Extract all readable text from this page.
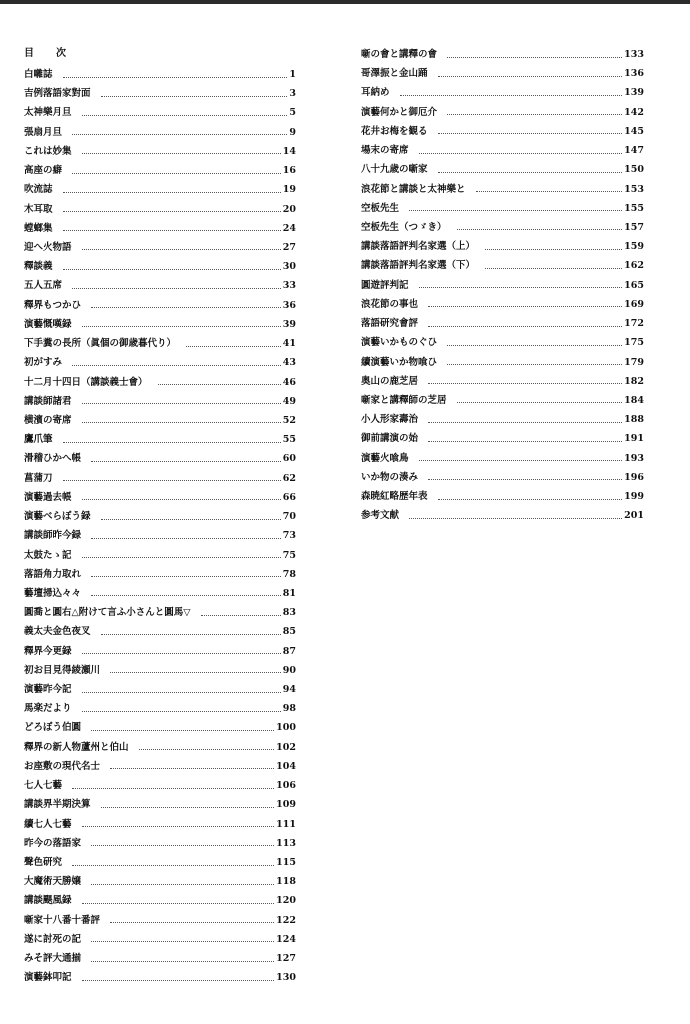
目　次
白囃誌	1
吉例落語家對面	3
太神樂月旦	5
張扇月旦	9
これは妙集	14
高座の癖	16
吹流誌	19
木耳取	20
螳螂集	24
迎へ火物語	27
釋談義	30
五人五席	33
釋界もつかひ	36
演藝慨嘆録	39
下手糞の長所（眞個の御歳暮代り）	41
初がすみ	43
十二月十四日（講談義士會）	46
講談師諸君	49
横濱の寄席	52
鷹爪筆	55
滑稽ひかへ帳	60
菖蒲刀	62
演藝過去帳	66
演藝べらぼう録	70
講談師昨今録	73
太鼓たゝ記	75
落語角力取れ	78
藝壇掃込々々	81
圓喬と圓右△附けて言ふ小さんと圓馬▽	83
義太夫金色夜叉	85
釋界今更録	87
初お目見得綾瀬川	90
演藝昨今記	94
馬楽だより	98
どろぼう伯圓	100
釋界の新人物蘆州と伯山	102
お座敷の現代名士	104
七人七藝	106
講談界半期決算	109
續七人七藝	111
昨今の落語家	113
聲色研究	115
大魔術天勝嬢	118
講談颶風録	120
噺家十八番十番評	122
遂に討死の記	124
みそ評大通揃	127
演藝鉢叩記	130
噺の會と講釋の會	133
哥澤振と金山踊	136
耳納め	139
演藝何かと御厄介	142
花井お梅を観る	145
場末の寄席	147
八十九歳の噺家	150
浪花節と講談と太神樂と	153
空板先生	155
空板先生（つゞき）	157
講談落語評判名家選（上）	159
講談落語評判名家選（下）	162
圓遊評判記	165
浪花節の事也	169
落語研究會評	172
演藝いかものぐひ	175
續演藝いか物喰ひ	179
奥山の鹿芝居	182
噺家と講釋師の芝居	184
小人形家壽治	188
御前講演の始	191
演藝火喰鳥	193
いか物の湊み	196
森暁紅略歴年表	199
参考文献	201
